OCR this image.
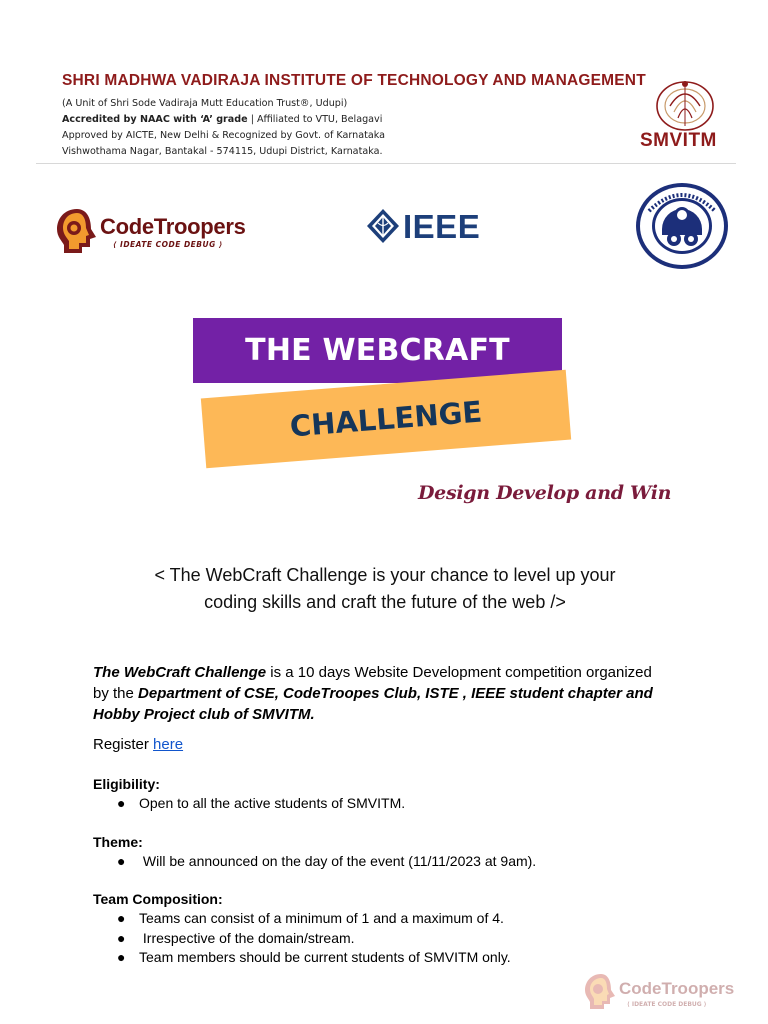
SHRI MADHWA VADIRAJA INSTITUTE OF TECHNOLOGY AND MANAGEMENT
(A Unit of Shri Sode Vadiraja Mutt Education Trust®, Udupi)
Accredited by NAAC with ‘A’ grade | Affiliated to VTU, Belagavi
Approved by AICTE, New Delhi & Recognized by Govt. of Karnataka
Vishwothama Nagar, Bantakal - 574115, Udupi District, Karnataka.
SMVITM
CodeTroopers
⟨ IDEATE CODE DEBUG ⟩	IEEE
THE WEBCRAFT
CHALLENGE
Design Develop and Win
< The WebCraft Challenge is your chance to level up your
coding skills and craft the future of the web />
The WebCraft Challenge is a 10 days Website Development competition organized by the Department of CSE, CodeTroopes Club, ISTE , IEEE student chapter and Hobby Project club of SMVITM.
Register here
Eligibility:
● Open to all the active students of SMVITM.
Theme:
● Will be announced on the day of the event (11/11/2023 at 9am).
Team Composition:
● Teams can consist of a minimum of 1 and a maximum of 4.
● Irrespective of the domain/stream.
● Team members should be current students of SMVITM only.
CodeTroopers
⟨ IDEATE CODE DEBUG ⟩
